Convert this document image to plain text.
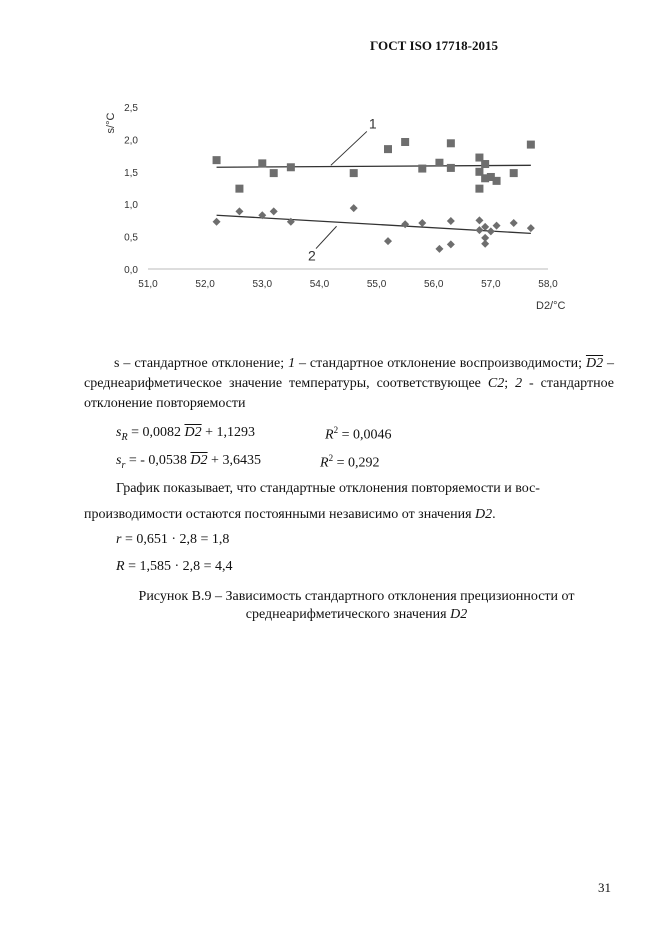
ГОСТ ISO 17718-2015
0,0
0,5
1,0
1,5
2,0
2,5
51,0	52,0	53,0	54,0	55,0	56,0	57,0	58,0
s/°C
D2/°C
1
2
s – стандартное отклонение; 1 – стандартное отклонение воспроизводимости; D2 – среднеарифметическое значение температуры, соответствующее C2; 2 - стандартное отклонение повторяемости
$s_R = 0,0082$ D2 + 1,1293	$R^2 = 0,0046$
$s_r$ = - 0,0538 D2 + 3,6435	$R^2 = 0,292$
График показывает, что стандартные отклонения повторяемости и вос-
производимости остаются постоянными независимо от значения D2.
r = 0,651 · 2,8 = 1,8
R = 1,585 · 2,8 = 4,4
Рисунок В.9 – Зависимость стандартного отклонения прецизионности от
среднеарифметического значения D2
31
